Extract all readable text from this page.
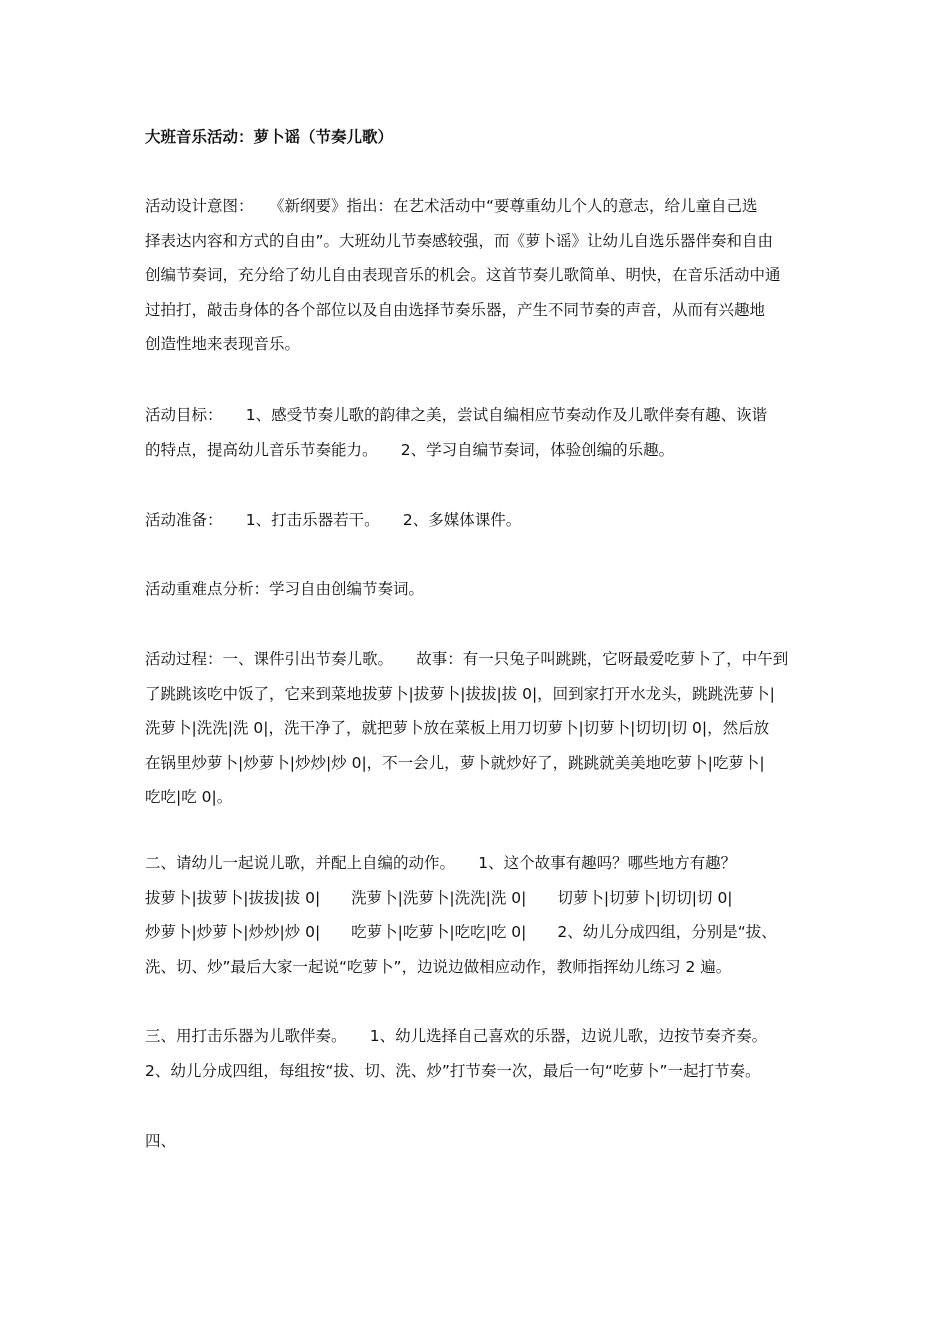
大班音乐活动：萝卜谣（节奏儿歌）
活动设计意图：　　《新纲要》指出：在艺术活动中“要尊重幼儿个人的意志，给儿童自己选
择表达内容和方式的自由”。大班幼儿节奏感较强，而《萝卜谣》让幼儿自选乐器伴奏和自由
创编节奏词，充分给了幼儿自由表现音乐的机会。这首节奏儿歌简单、明快，在音乐活动中通
过拍打，敲击身体的各个部位以及自由选择节奏乐器，产生不同节奏的声音，从而有兴趣地
创造性地来表现音乐。
活动目标：　　1、感受节奏儿歌的韵律之美，尝试自编相应节奏动作及儿歌伴奏有趣、诙谐
的特点，提高幼儿音乐节奏能力。　　2、学习自编节奏词，体验创编的乐趣。
活动准备：　　1、打击乐器若干。　　2、多媒体课件。
活动重难点分析：学习自由创编节奏词。
活动过程：一、课件引出节奏儿歌。　　故事：有一只兔子叫跳跳，它呀最爱吃萝卜了，中午到
了跳跳该吃中饭了，它来到菜地拔萝卜|拔萝卜|拔拔|拔 0|，回到家打开水龙头，跳跳洗萝卜|
洗萝卜|洗洗|洗 0|，洗干净了，就把萝卜放在菜板上用刀切萝卜|切萝卜|切切|切 0|，然后放
在锅里炒萝卜|炒萝卜|炒炒|炒 0|，不一会儿，萝卜就炒好了，跳跳就美美地吃萝卜|吃萝卜|
吃吃|吃 0|。
二、请幼儿一起说儿歌，并配上自编的动作。　　1、这个故事有趣吗？哪些地方有趣？
拔萝卜|拔萝卜|拔拔|拔 0|　　洗萝卜|洗萝卜|洗洗|洗 0|　　切萝卜|切萝卜|切切|切 0|
炒萝卜|炒萝卜|炒炒|炒 0|　　吃萝卜|吃萝卜|吃吃|吃 0|　　2、幼儿分成四组，分别是“拔、
洗、切、炒”最后大家一起说“吃萝卜”，边说边做相应动作，教师指挥幼儿练习 2 遍。
三、用打击乐器为儿歌伴奏。　　1、幼儿选择自己喜欢的乐器，边说儿歌，边按节奏齐奏。
2、幼儿分成四组，每组按“拔、切、洗、炒”打节奏一次，最后一句“吃萝卜”一起打节奏。
四、
